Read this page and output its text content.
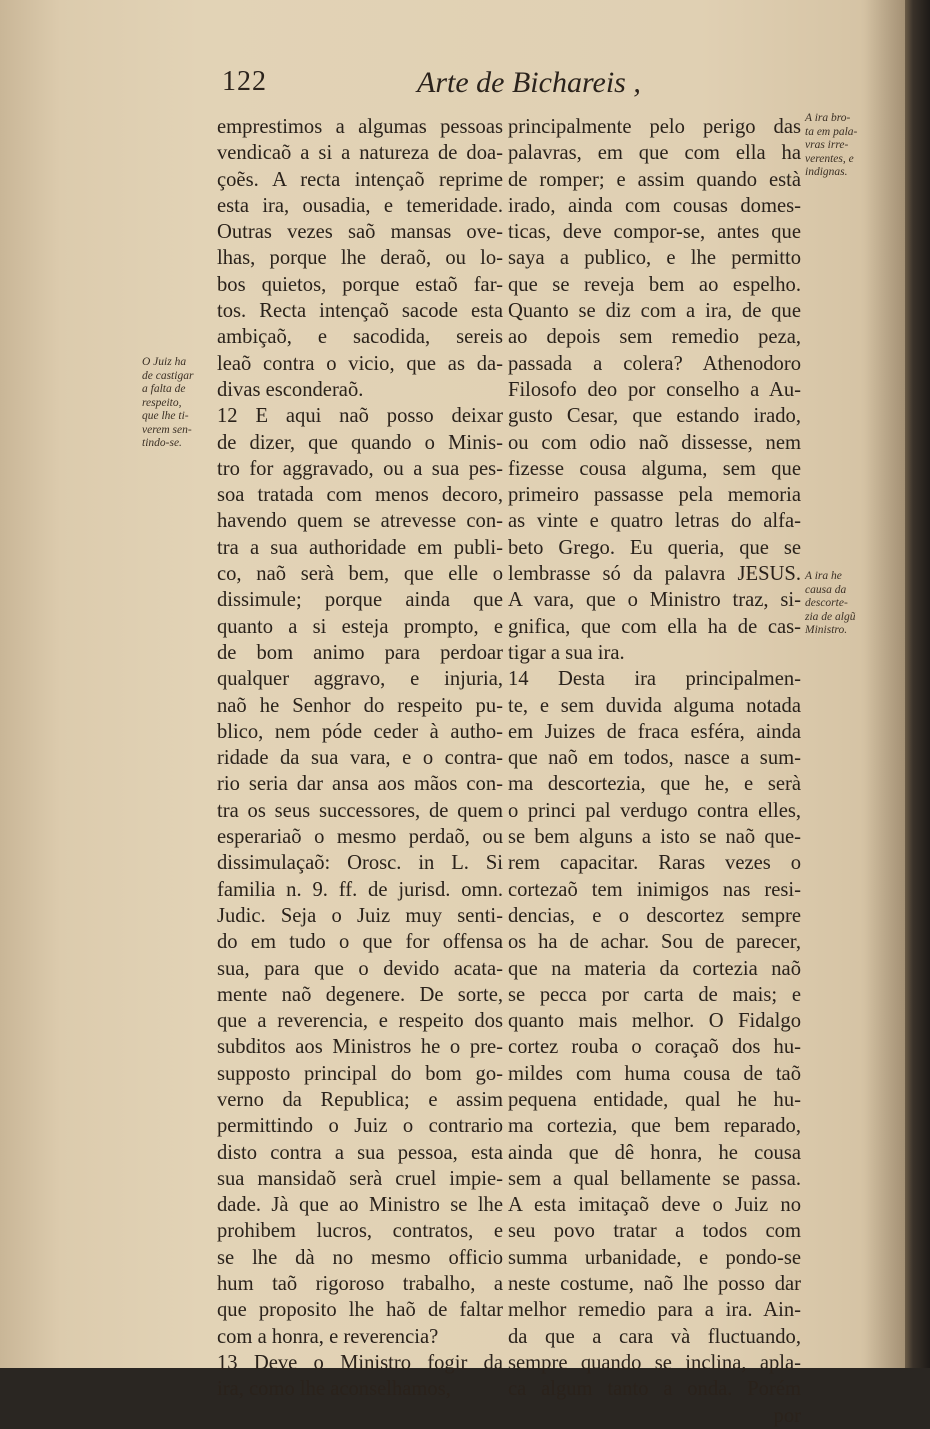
122	Arte de Bichareis ,
O Juiz ha
de castigar
a falta de
respeito,
que lhe ti-
verem sen-
tindo-se.
A ira bro-
ta em pala-
vras irre-
verentes, e
indignas.
A ira he
causa da
descorte-
zia de algũ
Ministro.
emprestimos a algumas pessoas
vendicaõ a si a natureza de doa-
çoẽs. A recta intençaõ reprime
esta ira, ousadia, e temeridade.
Outras vezes saõ mansas ove-
lhas, porque lhe deraõ, ou lo-
bos quietos, porque estaõ far-
tos. Recta intençaõ sacode esta
ambiçaõ, e sacodida, sereis
leaõ contra o vicio, que as da-
divas esconderaõ.
12 E aqui naõ posso deixar
de dizer, que quando o Minis-
tro for aggravado, ou a sua pes-
soa tratada com menos decoro,
havendo quem se atrevesse con-
tra a sua authoridade em publi-
co, naõ serà bem, que elle o
dissimule; porque ainda que
quanto a si esteja prompto, e
de bom animo para perdoar
qualquer aggravo, e injuria,
naõ he Senhor do respeito pu-
blico, nem póde ceder à autho-
ridade da sua vara, e o contra-
rio seria dar ansa aos mãos con-
tra os seus successores, de quem
esperariaõ o mesmo perdaõ, ou
dissimulaçaõ: Orosc. in L. Si
familia n. 9. ff. de jurisd. omn.
Judic. Seja o Juiz muy senti-
do em tudo o que for offensa
sua, para que o devido acata-
mente naõ degenere. De sorte,
que a reverencia, e respeito dos
subditos aos Ministros he o pre-
supposto principal do bom go-
verno da Republica; e assim
permittindo o Juiz o contrario
disto contra a sua pessoa, esta
sua mansidaõ serà cruel impie-
dade. Jà que ao Ministro se lhe
prohibem lucros, contratos, e
se lhe dà no mesmo officio
hum taõ rigoroso trabalho, a
que proposito lhe haõ de faltar
com a honra, e reverencia?
13 Deve o Ministro fogir da
ira, como lhe aconselhamos,
principalmente pelo perigo das
palavras, em que com ella ha
de romper; e assim quando està
irado, ainda com cousas domes-
ticas, deve compor-se, antes que
saya a publico, e lhe permitto
que se reveja bem ao espelho.
Quanto se diz com a ira, de que
ao depois sem remedio peza,
passada a colera? Athenodoro
Filosofo deo por conselho a Au-
gusto Cesar, que estando irado,
ou com odio naõ dissesse, nem
fizesse cousa alguma, sem que
primeiro passasse pela memoria
as vinte e quatro letras do alfa-
beto Grego. Eu queria, que se
lembrasse só da palavra JESUS.
A vara, que o Ministro traz, si-
gnifica, que com ella ha de cas-
tigar a sua ira.
14 Desta ira principalmen-
te, e sem duvida alguma notada
em Juizes de fraca esféra, ainda
que naõ em todos, nasce a sum-
ma descortezia, que he, e serà
o princi pal verdugo contra elles,
se bem alguns a isto se naõ que-
rem capacitar. Raras vezes o
cortezaõ tem inimigos nas resi-
dencias, e o descortez sempre
os ha de achar. Sou de parecer,
que na materia da cortezia naõ
se pecca por carta de mais; e
quanto mais melhor. O Fidalgo
cortez rouba o coraçaõ dos hu-
mildes com huma cousa de taõ
pequena entidade, qual he hu-
ma cortezia, que bem reparado,
ainda que dê honra, he cousa
sem a qual bellamente se passa.
A esta imitaçaõ deve o Juiz no
seu povo tratar a todos com
summa urbanidade, e pondo-se
neste costume, naõ lhe posso dar
melhor remedio para a ira. Ain-
da que a cara và fluctuando,
sempre quando se inclina, apla-
ca algum tanto a onda. Porém
por
